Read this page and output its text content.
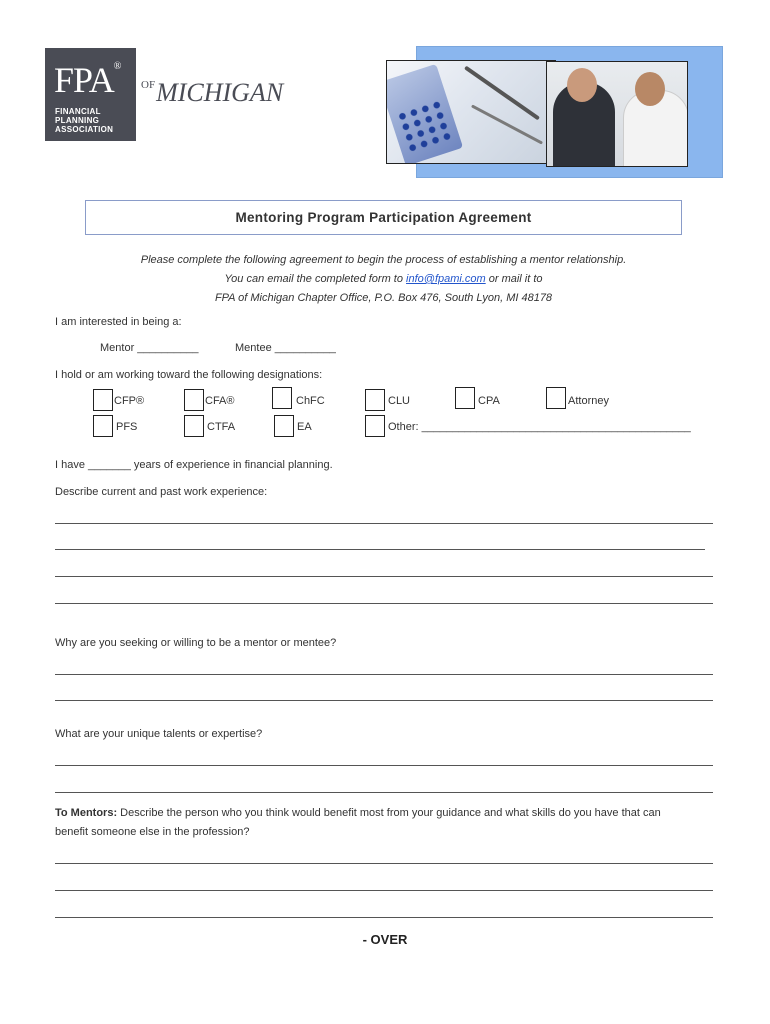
FPA®
FINANCIAL
PLANNING
ASSOCIATION
$^{OF}$MICHIGAN
Mentoring Program Participation Agreement
Please complete the following agreement to begin the process of establishing a mentor relationship.
You can email the completed form to info@fpami.com or mail it to
FPA of Michigan Chapter Office, P.O. Box 476, South Lyon, MI 48178
I am interested in being a:
Mentor __________	Mentee __________
I hold or am working toward the following designations:
CFP®	CFA®	ChFC	CLU	CPA	Attorney
PFS	CTFA	EA	Other: ____________________________________________
I have _______ years of experience in financial planning.
Describe current and past work experience:
Why are you seeking or willing to be a mentor or mentee?
What are your unique talents or expertise?
To Mentors: Describe the person who you think would benefit most from your guidance and what skills do you have that can
benefit someone else in the profession?
- OVER
